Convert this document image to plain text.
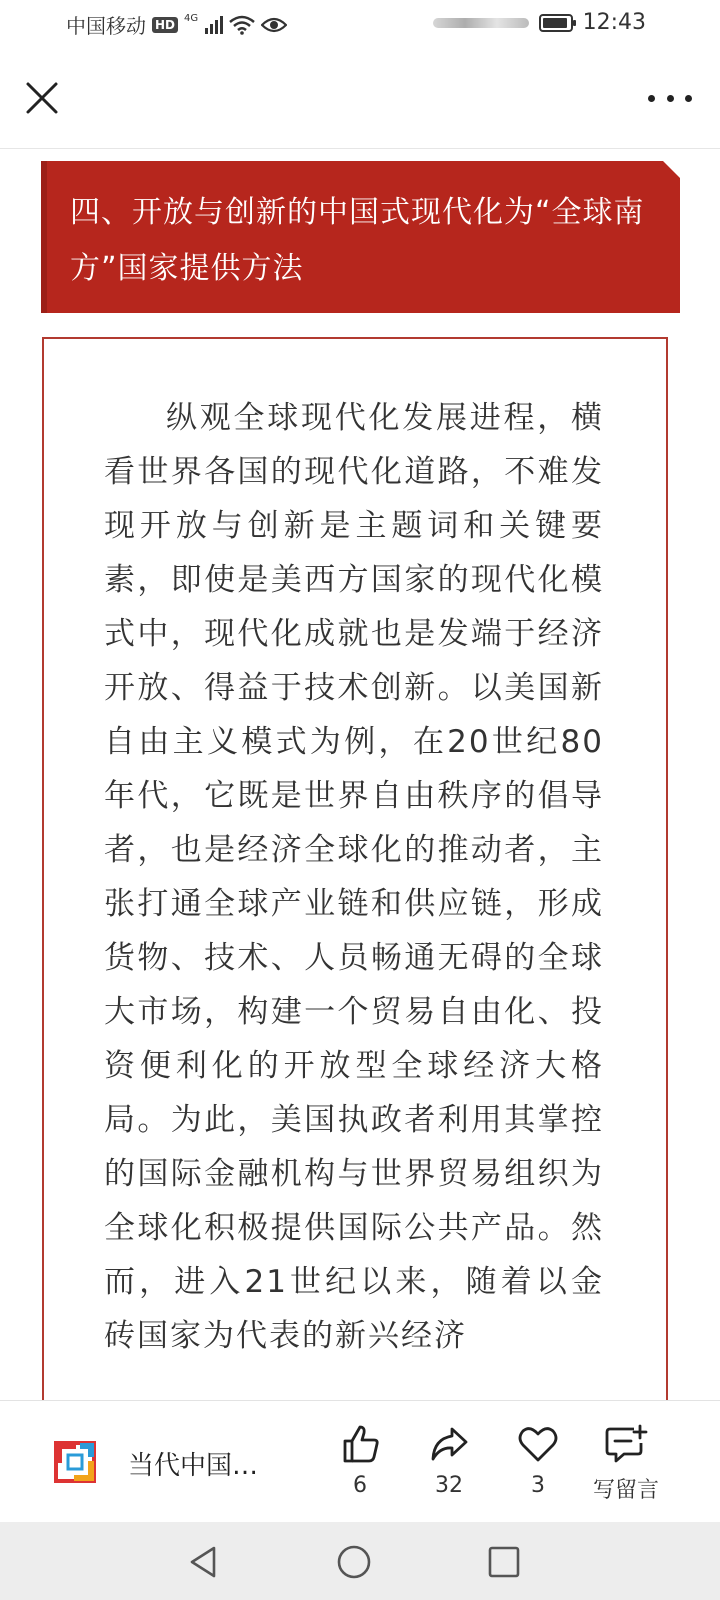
中国移动 HD 4G	12:43
四、开放与创新的中国式现代化为“全球南方”国家提供方法

纵观全球现代化发展进程，横看世界各国的现代化道路，不难发现开放与创新是主题词和关键要素，即使是美西方国家的现代化模式中，现代化成就也是发端于经济开放、得益于技术创新。以美国新自由主义模式为例，在20世纪80年代，它既是世界自由秩序的倡导者，也是经济全球化的推动者，主张打通全球产业链和供应链，形成货物、技术、人员畅通无碍的全球大市场，构建一个贸易自由化、投资便利化的开放型全球经济大格局。为此，美国执政者利用其掌控的国际金融机构与世界贸易组织为全球化积极提供国际公共产品。然而，进入21世纪以来，随着以金砖国家为代表的新兴经济

当代中国…
6	32	3	写留言
